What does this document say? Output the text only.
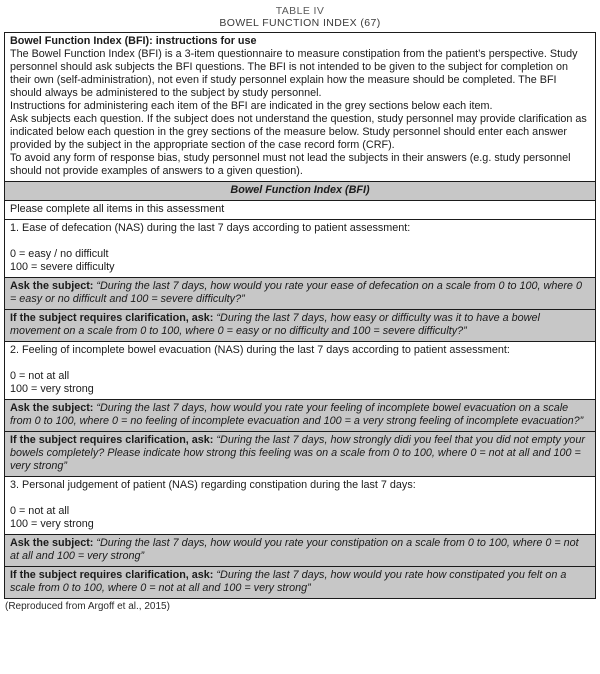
TABLE IV
BOWEL FUNCTION INDEX (67)
Bowel Function Index (BFI): instructions for use
The Bowel Function Index (BFI) is a 3-item questionnaire to measure constipation from the patient’s perspective. Study personnel should ask subjects the BFI questions. The BFI is not intended to be given to the subject for completion on their own (self-administration), not even if study personnel explain how the measure should be completed. The BFI should always be administered to the subject by study personnel.
Instructions for administering each item of the BFI are indicated in the grey sections below each item.
Ask subjects each question. If the subject does not understand the question, study personnel may provide clarification as indicated below each question in the grey sections of the measure below. Study personnel should enter each answer provided by the subject in the appropriate section of the case record form (CRF).
To avoid any form of response bias, study personnel must not lead the subjects in their answers (e.g. study personnel should not provide examples of answers to a given question).
Bowel Function Index (BFI)
Please complete all items in this assessment
1. Ease of defecation (NAS) during the last 7 days according to patient assessment:
0 = easy / no difficult
100 = severe difficulty
Ask the subject: “During the last 7 days, how would you rate your ease of defecation on a scale from 0 to 100, where 0 = easy or no difficult and 100 = severe difficulty?”
If the subject requires clarification, ask: “During the last 7 days, how easy or difficulty was it to have a bowel movement on a scale from 0 to 100, where 0 = easy or no difficulty and 100 = severe difficulty?”
2. Feeling of incomplete bowel evacuation (NAS) during the last 7 days according to patient assessment:
0 = not at all
100 = very strong
Ask the subject: “During the last 7 days, how would you rate your feeling of incomplete bowel evacuation on a scale from 0 to 100, where 0 = no feeling of incomplete evacuation and 100 = a very strong feeling of incomplete evacuation?”
If the subject requires clarification, ask: “During the last 7 days, how strongly didi you feel that you did not empty your bowels completely? Please indicate how strong this feeling was on a scale from 0 to 100, where 0 = not at all and 100 = very strong”
3. Personal judgement of patient (NAS) regarding constipation during the last 7 days:
0 = not at all
100 = very strong
Ask the subject: “During the last 7 days, how would you rate your constipation on a scale from 0 to 100, where 0 = not at all and 100 = very strong”
If the subject requires clarification, ask: “During the last 7 days, how would you rate how constipated you felt on a scale from 0 to 100, where 0 = not at all and 100 = very strong”
(Reproduced from Argoff et al., 2015)
